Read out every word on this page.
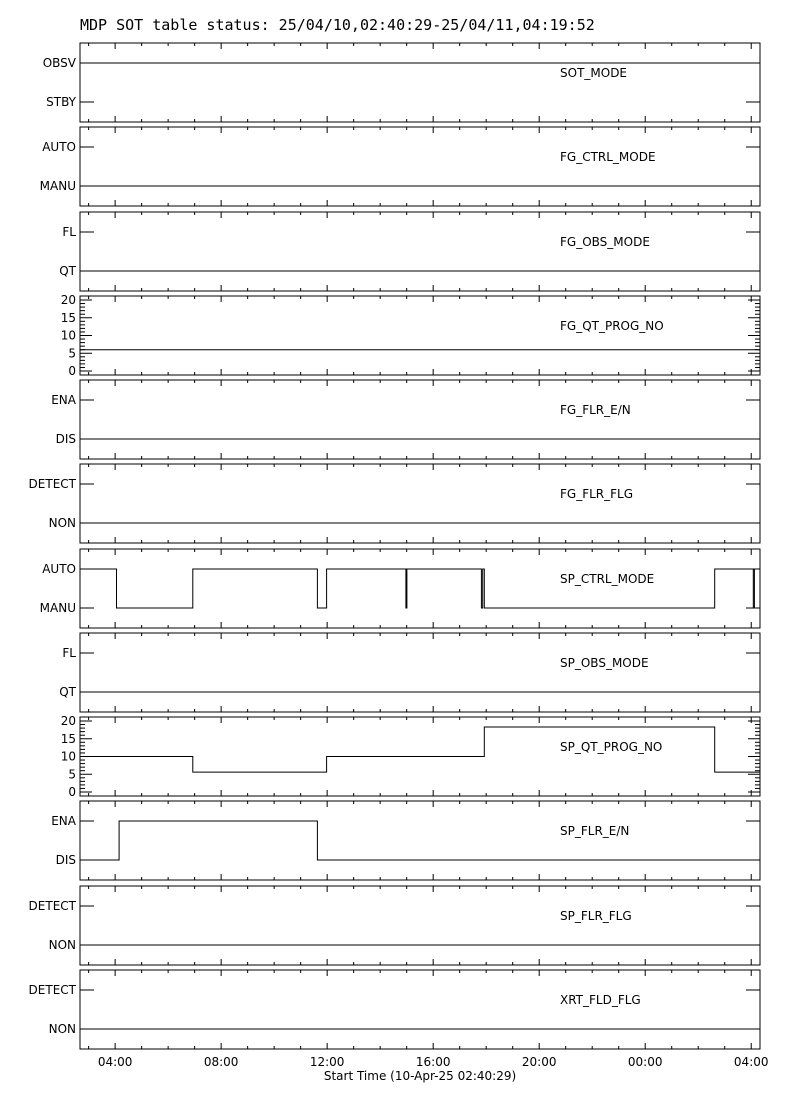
MDP SOT table status: 25/04/10,02:40:29-25/04/11,04:19:52
STBY
OBSV
SOT_MODE
MANU
AUTO
FG_CTRL_MODE
QT
FL
FG_OBS_MODE
0
5
10
15
20
FG_QT_PROG_NO
DIS
ENA
FG_FLR_E/N
NON
DETECT
FG_FLR_FLG
MANU
AUTO
SP_CTRL_MODE
QT
FL
SP_OBS_MODE
0
5
10
15
20
SP_QT_PROG_NO
DIS
ENA
SP_FLR_E/N
NON
DETECT
SP_FLR_FLG
NON
DETECT
XRT_FLD_FLG
04:00	08:00	12:00	16:00	20:00	00:00	04:00
Start Time (10-Apr-25 02:40:29)
